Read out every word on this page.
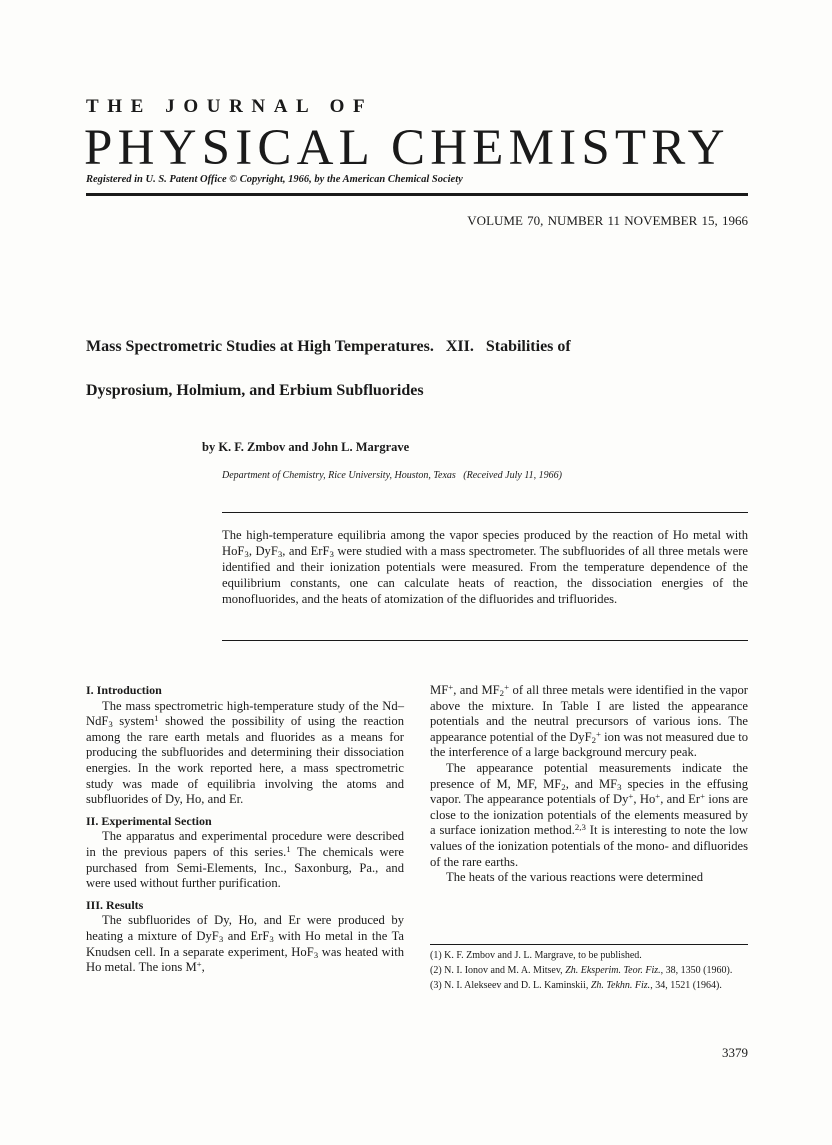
THE JOURNAL OF
PHYSICAL CHEMISTRY
Registered in U. S. Patent Office © Copyright, 1966, by the American Chemical Society
VOLUME 70, NUMBER 11 NOVEMBER 15, 1966
Mass Spectrometric Studies at High Temperatures.   XII.   Stabilities of
Dysprosium, Holmium, and Erbium Subfluorides
by K. F. Zmbov and John L. Margrave
Department of Chemistry, Rice University, Houston, Texas   (Received July 11, 1966)

The high-temperature equilibria among the vapor species produced by the reaction of Ho metal with HoF$_3$, DyF$_3$, and ErF$_3$ were studied with a mass spectrometer. The subfluorides of all three metals were identified and their ionization potentials were measured. From the temperature dependence of the equilibrium constants, one can calculate heats of reaction, the dissociation energies of the monofluorides, and the heats of atomization of the difluorides and trifluorides.

I. Introduction

The mass spectrometric high-temperature study of the Nd–NdF$_3$ system$^1$ showed the possibility of using the reaction among the rare earth metals and fluorides as a means for producing the subfluorides and determining their dissociation energies. In the work reported here, a mass spectrometric study was made of equilibria involving the atoms and subfluorides of Dy, Ho, and Er.

II. Experimental Section

The apparatus and experimental procedure were described in the previous papers of this series.$^1$ The chemicals were purchased from Semi-Elements, Inc., Saxonburg, Pa., and were used without further purification.

III. Results

The subfluorides of Dy, Ho, and Er were produced by heating a mixture of DyF$_3$ and ErF$_3$ with Ho metal in the Ta Knudsen cell. In a separate experiment, HoF$_3$ was heated with Ho metal. The ions M+,

MF+, and $MF_2^+$ of all three metals were identified in the vapor above the mixture. In Table I are listed the appearance potentials and the neutral precursors of various ions. The appearance potential of the DyF$_2$+ ion was not measured due to the interference of a large background mercury peak.

The appearance potential measurements indicate the presence of M, MF, $MF_2$, and $MF_3$ species in the effusing vapor. The appearance potentials of Dy+, Ho+, and Er+ ions are close to the ionization potentials of the elements measured by a surface ionization method.$^{2,3}$ It is interesting to note the low values of the ionization potentials of the mono- and difluorides of the rare earths.

The heats of the various reactions were determined

(1) K. F. Zmbov and J. L. Margrave, to be published.

(2) N. I. Ionov and M. A. Mitsev, Zh. Eksperim. Teor. Fiz., 38, 1350 (1960).

(3) N. I. Alekseev and D. L. Kaminskii, Zh. Tekhn. Fiz., 34, 1521 (1964).

3379
